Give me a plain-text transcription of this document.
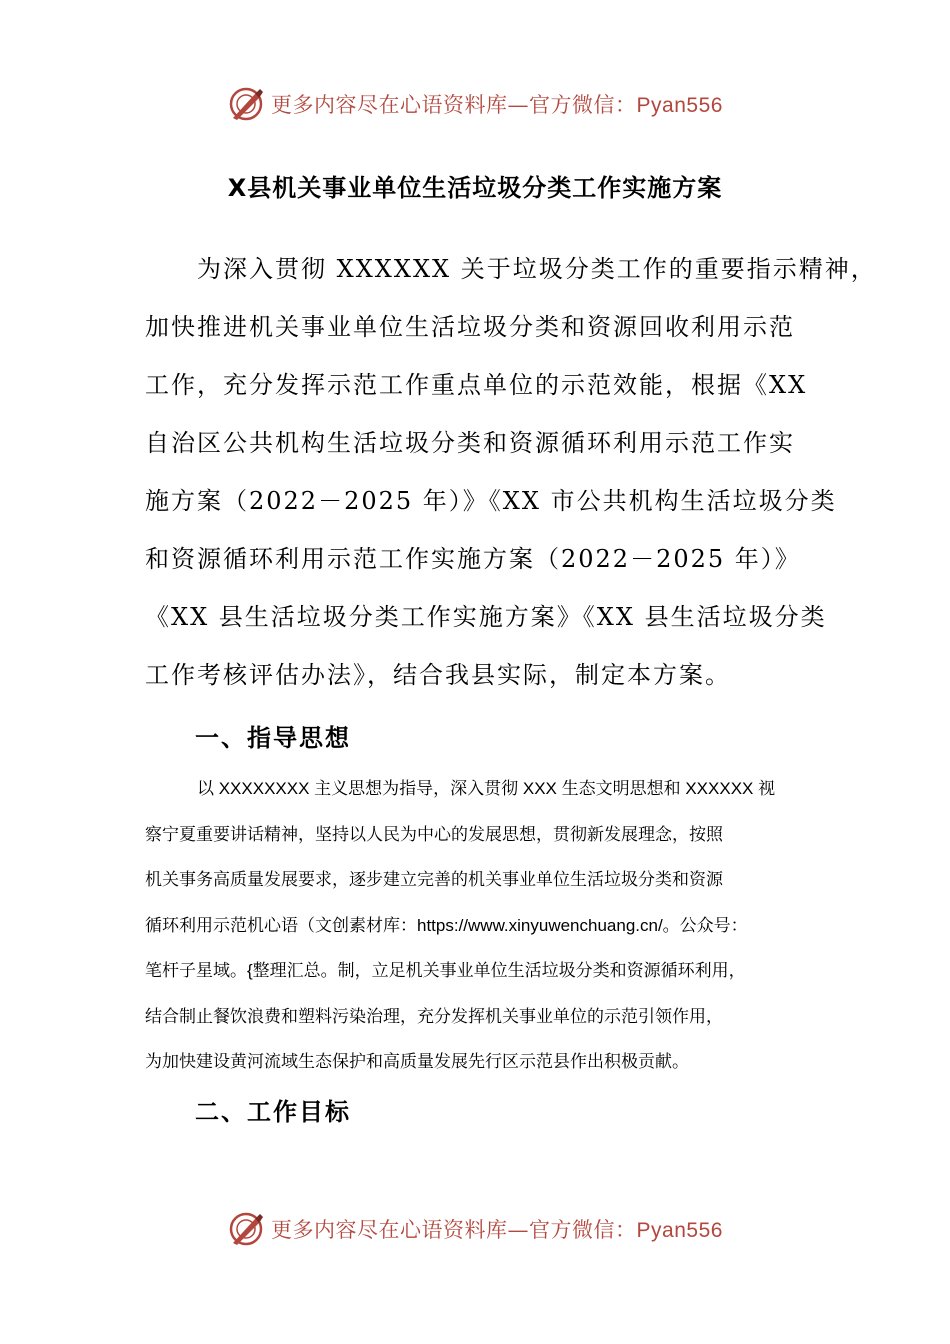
更多内容尽在心语资料库—官方微信：Pyan556
X县机关事业单位生活垃圾分类工作实施方案
　　为深入贯彻 XXXXXX 关于垃圾分类工作的重要指示精神，
加快推进机关事业单位生活垃圾分类和资源回收利用示范
工作，充分发挥示范工作重点单位的示范效能，根据《XX
自治区公共机构生活垃圾分类和资源循环利用示范工作实
施方案（2022－2025 年）》《XX 市公共机构生活垃圾分类
和资源循环利用示范工作实施方案（2022－2025 年）》
《XX 县生活垃圾分类工作实施方案》《XX 县生活垃圾分类
工作考核评估办法》，结合我县实际，制定本方案。
一、指导思想
以 XXXXXXXX 主义思想为指导，深入贯彻 XXX 生态文明思想和 XXXXXX 视
察宁夏重要讲话精神，坚持以人民为中心的发展思想，贯彻新发展理念，按照
机关事务高质量发展要求，逐步建立完善的机关事业单位生活垃圾分类和资源
循环利用示范机心语（文创素材库：https://www.xinyuwenchuang.cn/。公众号：
笔杆子星域。{整理汇总。制，立足机关事业单位生活垃圾分类和资源循环利用，
结合制止餐饮浪费和塑料污染治理，充分发挥机关事业单位的示范引领作用，
为加快建设黄河流域生态保护和高质量发展先行区示范县作出积极贡献。
二、工作目标
更多内容尽在心语资料库—官方微信：Pyan556
